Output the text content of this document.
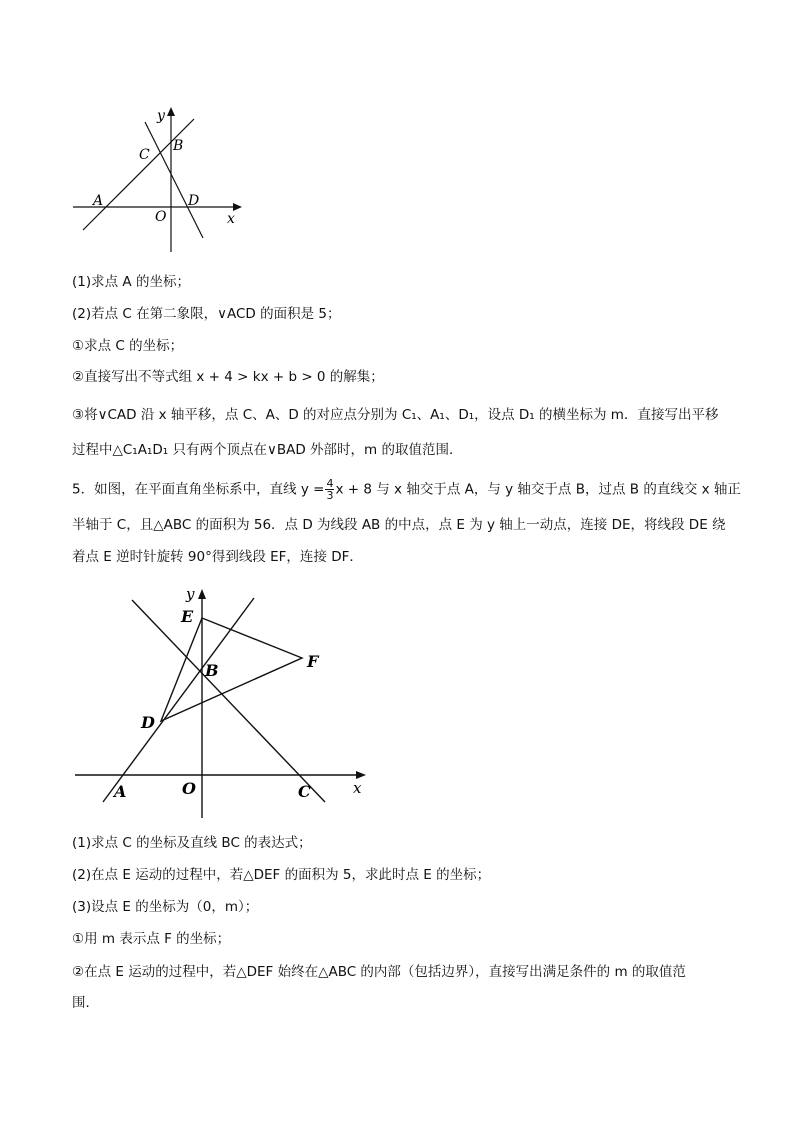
y
x
B
C
A
O
D
(1)求点 A 的坐标；
(2)若点 C 在第二象限，∨ACD 的面积是 5；
①求点 C 的坐标；
②直接写出不等式组 x + 4 > kx + b > 0 的解集；
③将∨CAD 沿 x 轴平移，点 C、A、D 的对应点分别为 C₁、A₁、D₁，设点 D₁ 的横坐标为 m．直接写出平移
过程中△C₁A₁D₁ 只有两个顶点在∨BAD 外部时，m 的取值范围．
5．如图，在平面直角坐标系中，直线 $y = \frac{4}{3}$ x + 8 与 x 轴交于点 A，与 y 轴交于点 B，过点 B 的直线交 x 轴正
半轴于 C，且△ABC 的面积为 56．点 D 为线段 AB 的中点，点 E 为 y 轴上一动点，连接 DE，将线段 DE 绕
着点 E 逆时针旋转 90°得到线段 EF，连接 DF．
y
E
B	F
D
A	O	C	x
(1)求点 C 的坐标及直线 BC 的表达式；
(2)在点 E 运动的过程中，若△DEF 的面积为 5，求此时点 E 的坐标；
(3)设点 E 的坐标为（0，m）；
①用 m 表示点 F 的坐标；
②在点 E 运动的过程中，若△DEF 始终在△ABC 的内部（包括边界），直接写出满足条件的 m 的取值范
围．
